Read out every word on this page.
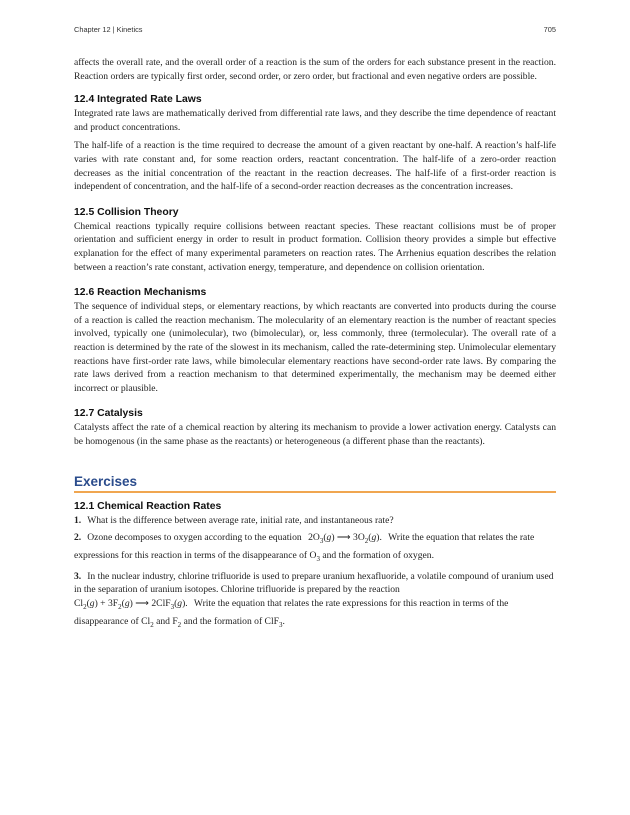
Chapter 12 | Kinetics	705

affects the overall rate, and the overall order of a reaction is the sum of the orders for each substance present in the reaction. Reaction orders are typically first order, second order, or zero order, but fractional and even negative orders are possible.

12.4 Integrated Rate Laws

Integrated rate laws are mathematically derived from differential rate laws, and they describe the time dependence of reactant and product concentrations.

The half-life of a reaction is the time required to decrease the amount of a given reactant by one-half. A reaction’s half-life varies with rate constant and, for some reaction orders, reactant concentration. The half-life of a zero-order reaction decreases as the initial concentration of the reactant in the reaction decreases. The half-life of a first-order reaction is independent of concentration, and the half-life of a second-order reaction decreases as the concentration increases.

12.5 Collision Theory

Chemical reactions typically require collisions between reactant species. These reactant collisions must be of proper orientation and sufficient energy in order to result in product formation. Collision theory provides a simple but effective explanation for the effect of many experimental parameters on reaction rates. The Arrhenius equation describes the relation between a reaction’s rate constant, activation energy, temperature, and dependence on collision orientation.

12.6 Reaction Mechanisms

The sequence of individual steps, or elementary reactions, by which reactants are converted into products during the course of a reaction is called the reaction mechanism. The molecularity of an elementary reaction is the number of reactant species involved, typically one (unimolecular), two (bimolecular), or, less commonly, three (termolecular). The overall rate of a reaction is determined by the rate of the slowest in its mechanism, called the rate-determining step. Unimolecular elementary reactions have first-order rate laws, while bimolecular elementary reactions have second-order rate laws. By comparing the rate laws derived from a reaction mechanism to that determined experimentally, the mechanism may be deemed either incorrect or plausible.

12.7 Catalysis

Catalysts affect the rate of a chemical reaction by altering its mechanism to provide a lower activation energy. Catalysts can be homogenous (in the same phase as the reactants) or heterogeneous (a different phase than the reactants).

Exercises
12.1 Chemical Reaction Rates
1. What is the difference between average rate, initial rate, and instantaneous rate?
2. Ozone decomposes to oxygen according to the equation $2O_3(g)$ ⟶ $3O_2(g)$. Write the equation that relates the rate expressions for this reaction in terms of the disappearance of $O_3$ and the formation of oxygen.
3. In the nuclear industry, chlorine trifluoride is used to prepare uranium hexafluoride, a volatile compound of uranium used in the separation of uranium isotopes. Chlorine trifluoride is prepared by the reaction
$Cl_2(g) + 3F_2(g)$ ⟶ 2ClF$_3$(g). Write the equation that relates the rate expressions for this reaction in terms of the disappearance of $Cl_2$ and $F_2$ and the formation of ClF$_3$.
